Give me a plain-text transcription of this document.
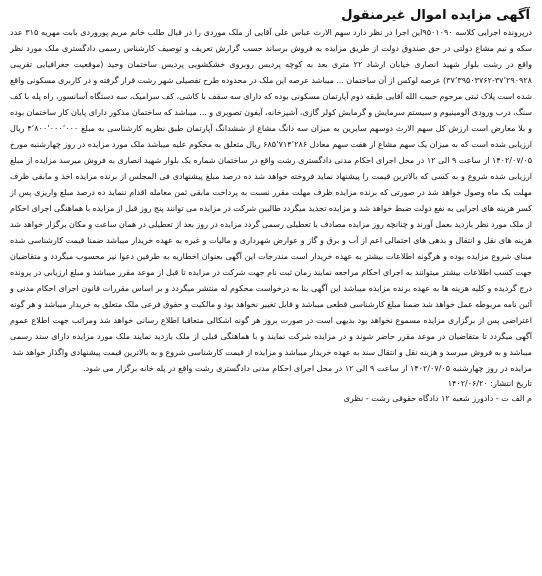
آگهی مزایده اموال غیرمنقول

درپرونده اجرایی کلاسه ۹۵۰۱۰۹۰این اجرا در نظر دارد سهم الارث عباس علی آقایی از ملک موردی را در قبال طلب خانم مریم پوروردی بابت مهریه ۳۱۵ عدد سکه و نیم مشاع دولتی در حق صندوق دولت از طریق مزایده به فروش برساند حسب گزارش تعریف و توصیف کارشناس رسمی دادگستری ملک مورد نظر واقع در رشت بلوار شهید انصاری خیابان ارشاد ۲۲ متری بعد به کوچه پردیس روبروی خشکشویی پردیس ساختمان وحید (موقعیت جغرافیایی تقریبی ۳۷٬۲۹۰۹۲۸-۳۷٬۳۹۵۰۳۷۶۲) عرصه لوکس از آن ساختمان ... میباشد عرصه این ملک در محدوده طرح تفصیلی شهر رشت قرار گرفته و در کاربری مسکونی واقع شده است پلاک ثبتی مرحوم حبیب الله آقایی طبقه دوم آپارتمان مسکونی بوده که دارای سه سقف با کاشی، کف سرامیک، سه دستگاه آسانسور، راه پله با کف سنگ، درب ورودی آلومینیوم و سیستم سرمایش و گرمایش کولر گازی، آشپزخانه، آیفون تصویری و ... میباشد که ساختمان مذکور دارای پایان کار ساختمان بوده و بلا معارض است ارزش کل سهم الارث دوسهم سایرین به میزان سه دانگ مشاع از ششدانگ آپارتمان طبق نظریه کارشناسی به مبلغ ۴٬۸۰۰٬۰۰۰٬۰۰۰ ریال ارزیابی شده است که به میزان یک سهم مشاع از هفت سهم معادل ۶۸۵٬۷۱۴٬۲۸۶ ریال متعلق به محکوم علیه میباشد ملک مورد مزایده در روز چهارشنبه مورخ ۱۴۰۲/۰۷/۰۵ از ساعت ۹ الی ۱۲ در محل اجرای احکام مدنی دادگستری رشت واقع در ساختمان شماره یک بلوار شهید انصاری به فروش میرسد مزایده از مبلغ ارزیابی شده شروع و به کسی که بالاترین قیمت را پیشنهاد نماید فروخته خواهد شد ده درصد مبلغ پیشنهادی فی المجلس از برنده مزایده اخذ و مابقی ظرف مهلت یک ماه وصول خواهد شد در صورتی که برنده مزایده ظرف مهلت مقرر نسبت به پرداخت مابقی ثمن معامله اقدام ننماید ده درصد مبلغ واریزی پس از کسر هزینه های اجرایی به نفع دولت ضبط خواهد شد و مزایده تجدید میگردد طالبین شرکت در مزایده می توانند پنج روز قبل از مزایده با هماهنگی اجرای احکام از ملک مورد نظر بازدید بعمل آورند و چنانچه روز مزایده مصادف با تعطیلی رسمی گردد مزایده در روز بعد از تعطیلی در همان ساعت و مکان برگزار خواهد شد هزینه های نقل و انتقال و بدهی های احتمالی اعم از آب و برق و گاز و عوارض شهرداری و مالیات و غیره به عهده خریدار میباشد ضمنا قیمت کارشناسی شده مبنای شروع مزایده بوده و هرگونه اطلاعات بیشتر به عهده خریدار است مندرجات این آگهی بعنوان اخطاریه به طرفین دعوا نیز محسوب میگردد و متقاضیان جهت کسب اطلاعات بیشتر میتوانند به اجرای احکام مراجعه نمایند زمان ثبت نام جهت شرکت در مزایده تا قبل از موعد مقرر میباشد و مبلغ ارزیابی در پرونده درج گردیده و کلیه هزینه ها به عهده برنده مزایده میباشد این آگهی بنا به درخواست محکوم له منتشر میگردد و بر اساس مقررات قانون اجرای احکام مدنی و آئین نامه مربوطه عمل خواهد شد ضمنا مبلغ کارشناسی قطعی میباشد و قابل تغییر نخواهد بود و مالکیت و حقوق فرعی ملک متعلق به خریدار میباشد و هر گونه اعتراضی پس از برگزاری مزایده مسموع نخواهد بود بدیهی است در صورت بروز هر گونه اشکالی متعاقبا اطلاع رسانی خواهد شد ومراتب جهت اطلاع عموم آگهی میگردد تا متقاضیان در موعد مقرر حاضر شوند و در مزایده شرکت نمایند و با هماهنگی قبلی از ملک بازدید نمایند ملک مورد مزایده دارای سند رسمی میباشد و به فروش میرسد و هزینه نقل و انتقال سند به عهده خریدار میباشد و مزایده از قیمت کارشناسی شروع و به بالاترین قیمت پیشنهادی واگذار خواهد شد

مزایده در روز چهارشنبه ۱۴۰۲/۰۷/۰۵ از ساعت ۹ الی ۱۲ در محل اجرای احکام مدنی دادگستری رشت واقع در پله خانه برگزار می شود.
تاریخ انتشار: ۱۴۰۲/۰۶/۲۰
م الف ت - دادورز شعبه ۱۲ دادگاه حقوقی رشت - نظری
